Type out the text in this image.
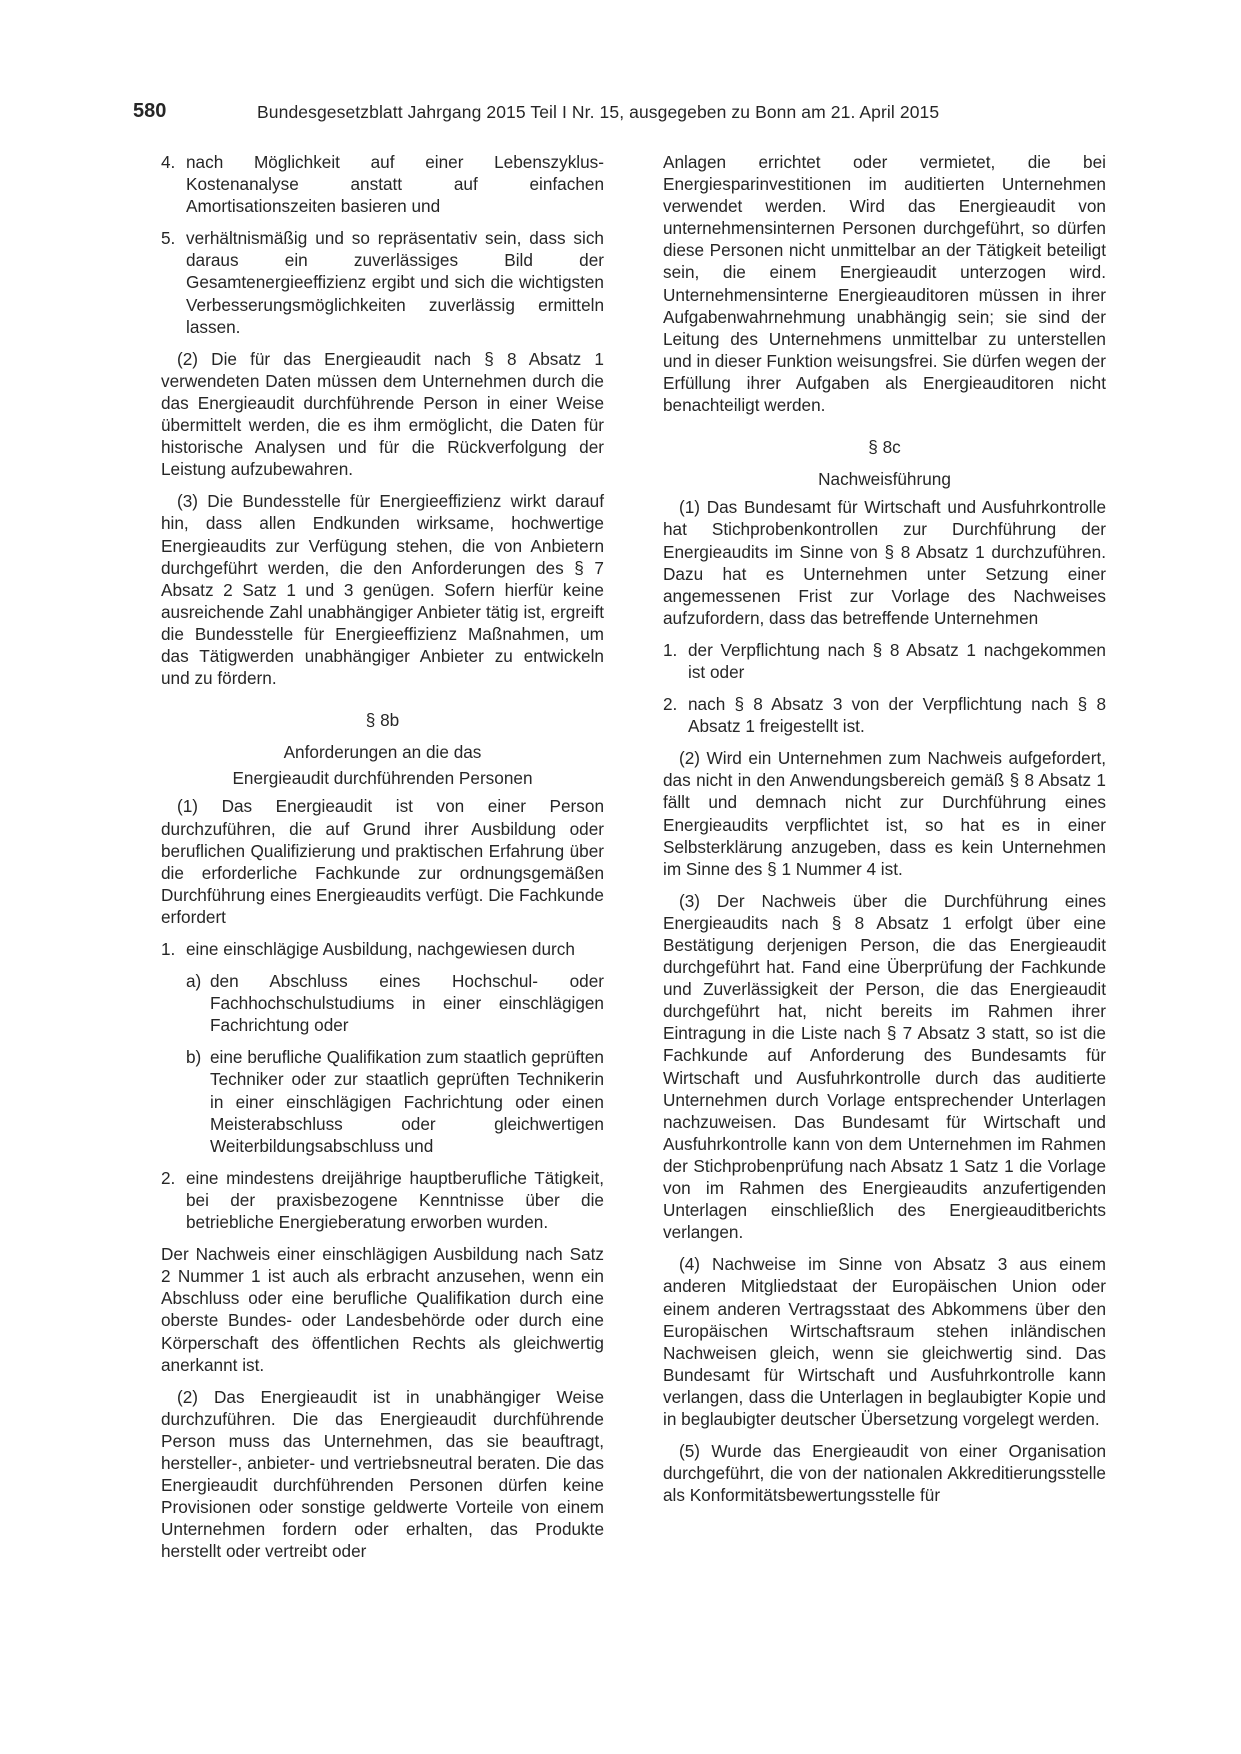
580	Bundesgesetzblatt Jahrgang 2015 Teil I Nr. 15, ausgegeben zu Bonn am 21. April 2015
4. nach Möglichkeit auf einer Lebenszyklus-Kostenanalyse anstatt auf einfachen Amortisationszeiten basieren und
5. verhältnismäßig und so repräsentativ sein, dass sich daraus ein zuverlässiges Bild der Gesamtenergieeffizienz ergibt und sich die wichtigsten Verbesserungsmöglichkeiten zuverlässig ermitteln lassen.

(2) Die für das Energieaudit nach § 8 Absatz 1 verwendeten Daten müssen dem Unternehmen durch die das Energieaudit durchführende Person in einer Weise übermittelt werden, die es ihm ermöglicht, die Daten für historische Analysen und für die Rückverfolgung der Leistung aufzubewahren.

(3) Die Bundesstelle für Energieeffizienz wirkt darauf hin, dass allen Endkunden wirksame, hochwertige Energieaudits zur Verfügung stehen, die von Anbietern durchgeführt werden, die den Anforderungen des § 7 Absatz 2 Satz 1 und 3 genügen. Sofern hierfür keine ausreichende Zahl unabhängiger Anbieter tätig ist, ergreift die Bundesstelle für Energieeffizienz Maßnahmen, um das Tätigwerden unabhängiger Anbieter zu entwickeln und zu fördern.

§ 8b
Anforderungen an die das
Energieaudit durchführenden Personen

(1) Das Energieaudit ist von einer Person durchzuführen, die auf Grund ihrer Ausbildung oder beruflichen Qualifizierung und praktischen Erfahrung über die erforderliche Fachkunde zur ordnungsgemäßen Durchführung eines Energieaudits verfügt. Die Fachkunde erfordert

1. eine einschlägige Ausbildung, nachgewiesen durch
a) den Abschluss eines Hochschul- oder Fachhochschulstudiums in einer einschlägigen Fachrichtung oder
b) eine berufliche Qualifikation zum staatlich geprüften Techniker oder zur staatlich geprüften Technikerin in einer einschlägigen Fachrichtung oder einen Meisterabschluss oder gleichwertigen Weiterbildungsabschluss und
2. eine mindestens dreijährige hauptberufliche Tätigkeit, bei der praxisbezogene Kenntnisse über die betriebliche Energieberatung erworben wurden.

Der Nachweis einer einschlägigen Ausbildung nach Satz 2 Nummer 1 ist auch als erbracht anzusehen, wenn ein Abschluss oder eine berufliche Qualifikation durch eine oberste Bundes- oder Landesbehörde oder durch eine Körperschaft des öffentlichen Rechts als gleichwertig anerkannt ist.

(2) Das Energieaudit ist in unabhängiger Weise durchzuführen. Die das Energieaudit durchführende Person muss das Unternehmen, das sie beauftragt, hersteller-, anbieter- und vertriebsneutral beraten. Die das Energieaudit durchführenden Personen dürfen keine Provisionen oder sonstige geldwerte Vorteile von einem Unternehmen fordern oder erhalten, das Produkte herstellt oder vertreibt oder

Anlagen errichtet oder vermietet, die bei Energiesparinvestitionen im auditierten Unternehmen verwendet werden. Wird das Energieaudit von unternehmensinternen Personen durchgeführt, so dürfen diese Personen nicht unmittelbar an der Tätigkeit beteiligt sein, die einem Energieaudit unterzogen wird. Unternehmensinterne Energieauditoren müssen in ihrer Aufgabenwahrnehmung unabhängig sein; sie sind der Leitung des Unternehmens unmittelbar zu unterstellen und in dieser Funktion weisungsfrei. Sie dürfen wegen der Erfüllung ihrer Aufgaben als Energieauditoren nicht benachteiligt werden.

§ 8c
Nachweisführung

(1) Das Bundesamt für Wirtschaft und Ausfuhrkontrolle hat Stichprobenkontrollen zur Durchführung der Energieaudits im Sinne von § 8 Absatz 1 durchzuführen. Dazu hat es Unternehmen unter Setzung einer angemessenen Frist zur Vorlage des Nachweises aufzufordern, dass das betreffende Unternehmen

1. der Verpflichtung nach § 8 Absatz 1 nachgekommen ist oder
2. nach § 8 Absatz 3 von der Verpflichtung nach § 8 Absatz 1 freigestellt ist.

(2) Wird ein Unternehmen zum Nachweis aufgefordert, das nicht in den Anwendungsbereich gemäß § 8 Absatz 1 fällt und demnach nicht zur Durchführung eines Energieaudits verpflichtet ist, so hat es in einer Selbsterklärung anzugeben, dass es kein Unternehmen im Sinne des § 1 Nummer 4 ist.

(3) Der Nachweis über die Durchführung eines Energieaudits nach § 8 Absatz 1 erfolgt über eine Bestätigung derjenigen Person, die das Energieaudit durchgeführt hat. Fand eine Überprüfung der Fachkunde und Zuverlässigkeit der Person, die das Energieaudit durchgeführt hat, nicht bereits im Rahmen ihrer Eintragung in die Liste nach § 7 Absatz 3 statt, so ist die Fachkunde auf Anforderung des Bundesamts für Wirtschaft und Ausfuhrkontrolle durch das auditierte Unternehmen durch Vorlage entsprechender Unterlagen nachzuweisen. Das Bundesamt für Wirtschaft und Ausfuhrkontrolle kann von dem Unternehmen im Rahmen der Stichprobenprüfung nach Absatz 1 Satz 1 die Vorlage von im Rahmen des Energieaudits anzufertigenden Unterlagen einschließlich des Energieauditberichts verlangen.

(4) Nachweise im Sinne von Absatz 3 aus einem anderen Mitgliedstaat der Europäischen Union oder einem anderen Vertragsstaat des Abkommens über den Europäischen Wirtschaftsraum stehen inländischen Nachweisen gleich, wenn sie gleichwertig sind. Das Bundesamt für Wirtschaft und Ausfuhrkontrolle kann verlangen, dass die Unterlagen in beglaubigter Kopie und in beglaubigter deutscher Übersetzung vorgelegt werden.

(5) Wurde das Energieaudit von einer Organisation durchgeführt, die von der nationalen Akkreditierungsstelle als Konformitätsbewertungsstelle für
